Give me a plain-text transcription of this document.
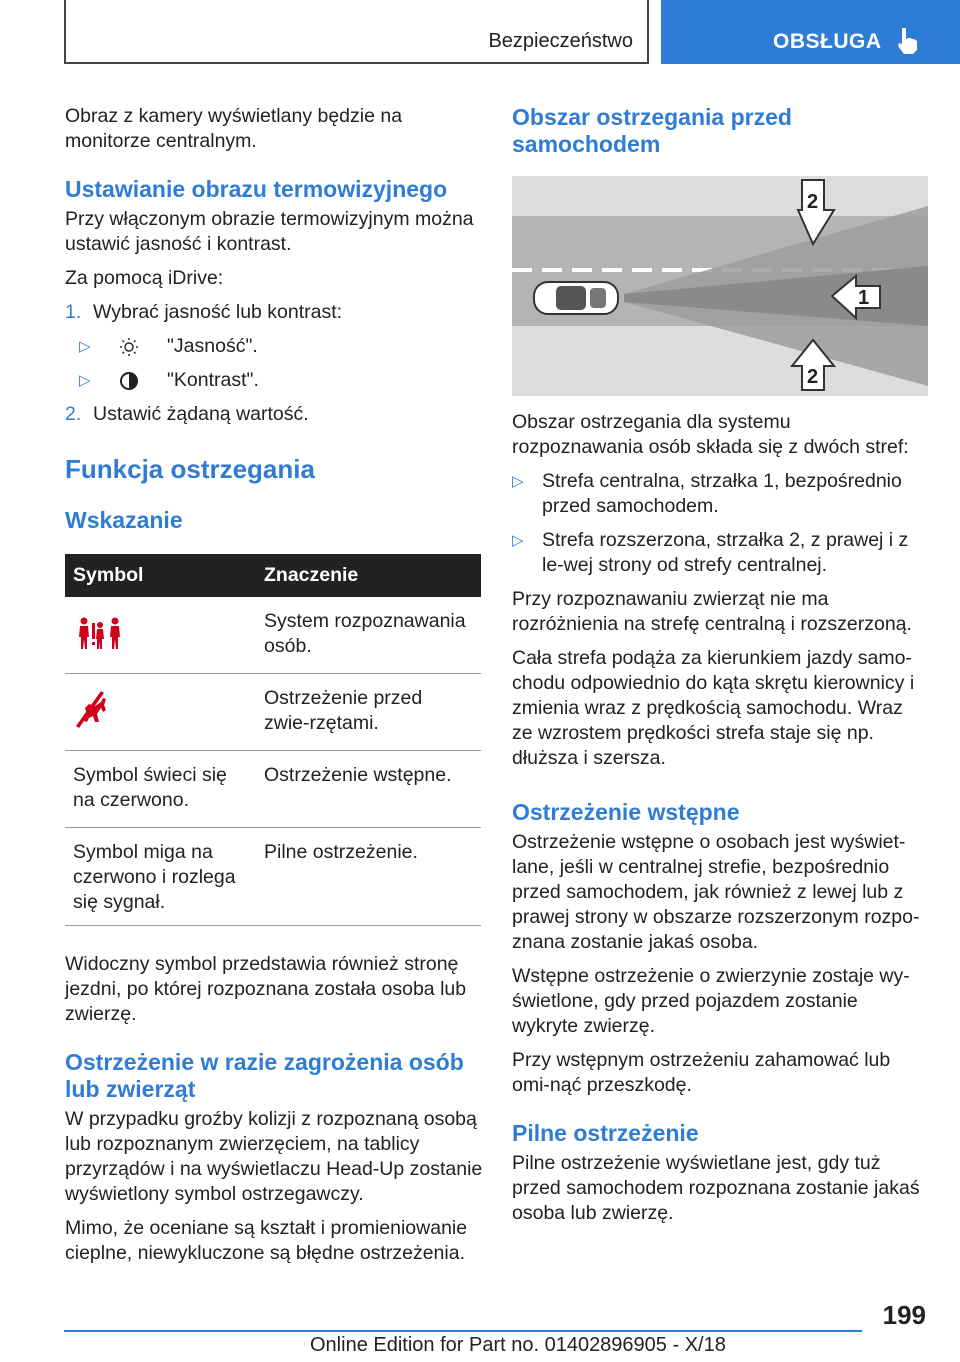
Bezpieczeństwo	OBSŁUGA

Obraz z kamery wyświetlany będzie na monitorze centralnym.

Ustawianie obrazu termowizyjnego

Przy włączonym obrazie termowizyjnym można ustawić jasność i kontrast.

Za pomocą iDrive:

1. Wybrać jasność lub kontrast:
▷	"Jasność".
▷	"Kontrast".
2. Ustawić żądaną wartość.
Funkcja ostrzegania
Wskazanie
Symbol	Znaczenie
	System rozpoznawania osób.
	Ostrzeżenie przed zwie-rzętami.
Symbol świeci się na czerwono.	Ostrzeżenie wstępne.
Symbol miga na czerwono i rozlega się sygnał.	Pilne ostrzeżenie.

Widoczny symbol przedstawia również stronę jezdni, po której rozpoznana została osoba lub zwierzę.

Ostrzeżenie w razie zagrożenia osób lub zwierząt

W przypadku groźby kolizji z rozpoznaną osobą lub rozpoznanym zwierzęciem, na tablicy przyrządów i na wyświetlaczu Head-Up zostanie wyświetlony symbol ostrzegawczy.

Mimo, że oceniane są kształt i promieniowanie cieplne, niewykluczone są błędne ostrzeżenia.

Obszar ostrzegania przed samochodem
1
2
2

Obszar ostrzegania dla systemu rozpoznawania osób składa się z dwóch stref:

▷ Strefa centralna, strzałka 1, bezpośrednio przed samochodem.
▷ Strefa rozszerzona, strzałka 2, z prawej i z le-wej strony od strefy centralnej.

Przy rozpoznawaniu zwierząt nie ma rozróżnienia na strefę centralną i rozszerzoną.

Cała strefa podąża za kierunkiem jazdy samo-chodu odpowiednio do kąta skrętu kierownicy i zmienia wraz z prędkością samochodu. Wraz ze wzrostem prędkości strefa staje się np. dłuższa i szersza.

Ostrzeżenie wstępne

Ostrzeżenie wstępne o osobach jest wyświet-lane, jeśli w centralnej strefie, bezpośrednio przed samochodem, jak również z lewej lub z prawej strony w obszarze rozszerzonym rozpo-znana zostanie jakaś osoba.

Wstępne ostrzeżenie o zwierzynie zostaje wy-świetlone, gdy przed pojazdem zostanie wykryte zwierzę.

Przy wstępnym ostrzeżeniu zahamować lub omi-nąć przeszkodę.

Pilne ostrzeżenie

Pilne ostrzeżenie wyświetlane jest, gdy tuż przed samochodem rozpoznana zostanie jakaś osoba lub zwierzę.

199
Online Edition for Part no. 01402896905 - X/18
